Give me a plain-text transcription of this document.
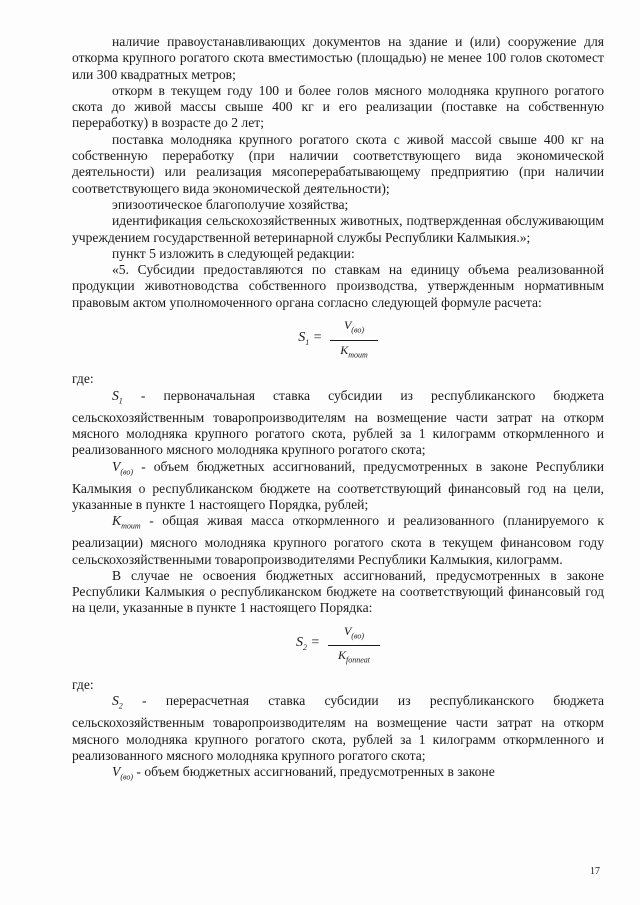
наличие правоустанавливающих документов на здание и (или) сооружение для откорма крупного рогатого скота вместимостью (площадью) не менее 100 голов скотомест или 300 квадратных метров;

откорм в текущем году 100 и более голов мясного молодняка крупного рогатого скота до живой массы свыше 400 кг и его реализации (поставке на собственную переработку) в возрасте до 2 лет;

поставка молодняка крупного рогатого скота с живой массой свыше 400 кг на собственную переработку (при наличии соответствующего вида экономической деятельности) или реализация мясоперерабатывающему предприятию (при наличии соответствующего вида экономической деятельности);

эпизоотическое благополучие хозяйства;

идентификация сельскохозяйственных животных, подтвержденная обслуживающим учреждением государственной ветеринарной службы Республики Калмыкия.»;

пункт 5 изложить в следующей редакции:

«5. Субсидии предоставляются по ставкам на единицу объема реализованной продукции животноводства собственного производства, утвержденным нормативным правовым актом уполномоченного органа согласно следующей формуле расчета:

$S_1 = \frac{V_{(во)}}{K_{тоит}}$

где:

$S_1$ - первоначальная ставка субсидии из республиканского бюджета сельскохозяйственным товаропроизводителям на возмещение части затрат на откорм мясного молодняка крупного рогатого скота, рублей за 1 килограмм откормленного и реализованного мясного молодняка крупного рогатого скота;

$V_{(во)}$ - объем бюджетных ассигнований, предусмотренных в законе Республики Калмыкия о республиканском бюджете на соответствующий финансовый год на цели, указанные в пункте 1 настоящего Порядка, рублей;

$K_{тоит}$ - общая живая масса откормленного и реализованного (планируемого к реализации) мясного молодняка крупного рогатого скота в текущем финансовом году сельскохозяйственными товаропроизводителями Республики Калмыкия, килограмм.

В случае не освоения бюджетных ассигнований, предусмотренных в законе Республики Калмыкия о республиканском бюджете на соответствующий финансовый год на цели, указанные в пункте 1 настоящего Порядка:

$S_2 = \frac{V_{(во)}}{K_{fonneat}}$

где:

$S_2$ - перерасчетная ставка субсидии из республиканского бюджета сельскохозяйственным товаропроизводителям на возмещение части затрат на откорм мясного молодняка крупного рогатого скота, рублей за 1 килограмм откормленного и реализованного мясного молодняка крупного рогатого скота;

$V_{(во)}$ - объем бюджетных ассигнований, предусмотренных в законе

17
